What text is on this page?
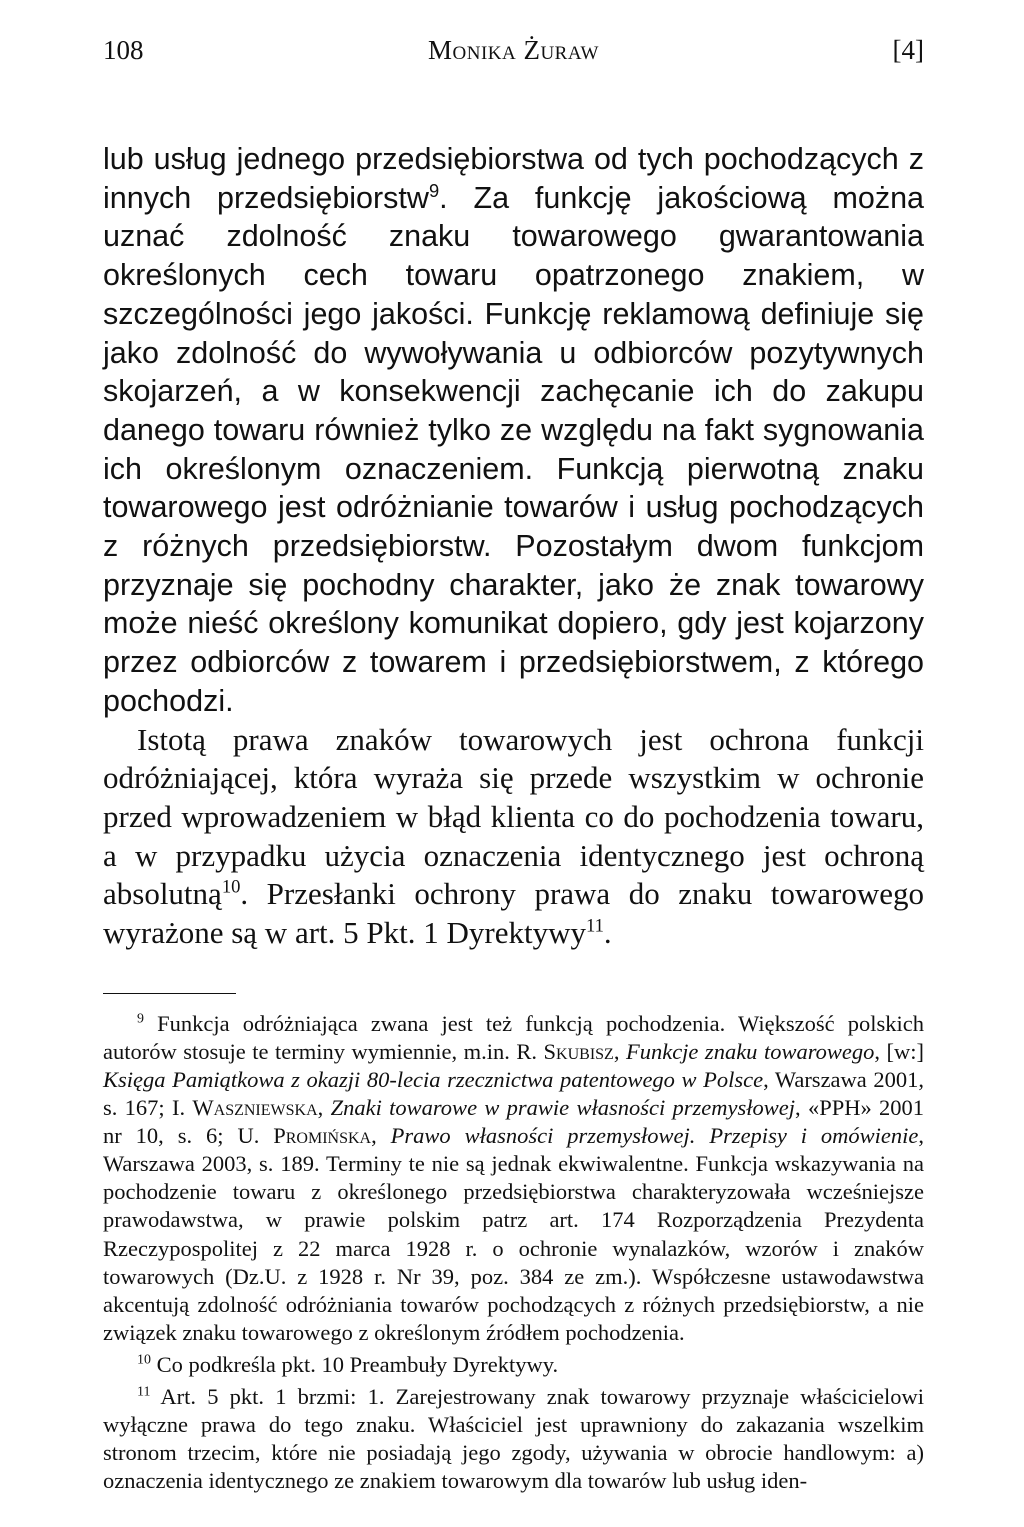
108	Monika Żuraw	[4]

lub usług jednego przedsiębiorstwa od tych pochodzących z innych przedsiębiorstw$^9$. Za funkcję jakościową można uznać zdolność znaku towarowego gwarantowania określonych cech towaru opatrzonego znakiem, w szczególności jego jakości. Funkcję reklamową definiuje się jako zdolność do wywoływania u odbiorców pozytywnych skojarzeń, a w konsekwencji zachęcanie ich do zakupu danego towaru również tylko ze względu na fakt sygnowania ich określonym oznaczeniem. Funkcją pierwotną znaku towarowego jest odróżnianie towarów i usług pochodzących z różnych przedsiębiorstw. Pozostałym dwom funkcjom przyznaje się pochodny charakter, jako że znak towarowy może nieść określony komunikat dopiero, gdy jest kojarzony przez odbiorców z towarem i przedsiębiorstwem, z którego pochodzi.

Istotą prawa znaków towarowych jest ochrona funkcji odróżniającej, która wyraża się przede wszystkim w ochronie przed wprowadzeniem w błąd klienta co do pochodzenia towaru, a w przypadku użycia oznaczenia identycznego jest ochroną absolutną$^{10}$. Przesłanki ochrony prawa do znaku towarowego wyrażone są w art. 5 Pkt. 1 Dyrektywy$^{11}$.

$^9$ Funkcja odróżniająca zwana jest też funkcją pochodzenia. Większość polskich autorów stosuje te terminy wymiennie, m.in. R. Skubisz, Funkcje znaku towarowego, [w:] Księga Pamiątkowa z okazji 80-lecia rzecznictwa patentowego w Polsce, Warszawa 2001, s. 167; I. Waszniewska, Znaki towarowe w prawie własności przemysłowej, «PPH» 2001 nr 10, s. 6; U. Promińska, Prawo własności przemysłowej. Przepisy i omówienie, Warszawa 2003, s. 189. Terminy te nie są jednak ekwiwalentne. Funkcja wskazywania na pochodzenie towaru z określonego przedsiębiorstwa charakteryzowała wcześniejsze prawodawstwa, w prawie polskim patrz art. 174 Rozporządzenia Prezydenta Rzeczypospolitej z 22 marca 1928 r. o ochronie wynalazków, wzorów i znaków towarowych (Dz.U. z 1928 r. Nr 39, poz. 384 ze zm.). Współczesne ustawodawstwa akcentują zdolność odróżniania towarów pochodzących z różnych przedsiębiorstw, a nie związek znaku towarowego z określonym źródłem pochodzenia.

$^{10}$ Co podkreśla pkt. 10 Preambuły Dyrektywy.

$^{11}$ Art. 5 pkt. 1 brzmi: 1. Zarejestrowany znak towarowy przyznaje właścicielowi wyłączne prawa do tego znaku. Właściciel jest uprawniony do zakazania wszelkim stronom trzecim, które nie posiadają jego zgody, używania w obrocie handlowym: a) oznaczenia identycznego ze znakiem towarowym dla towarów lub usług iden-
